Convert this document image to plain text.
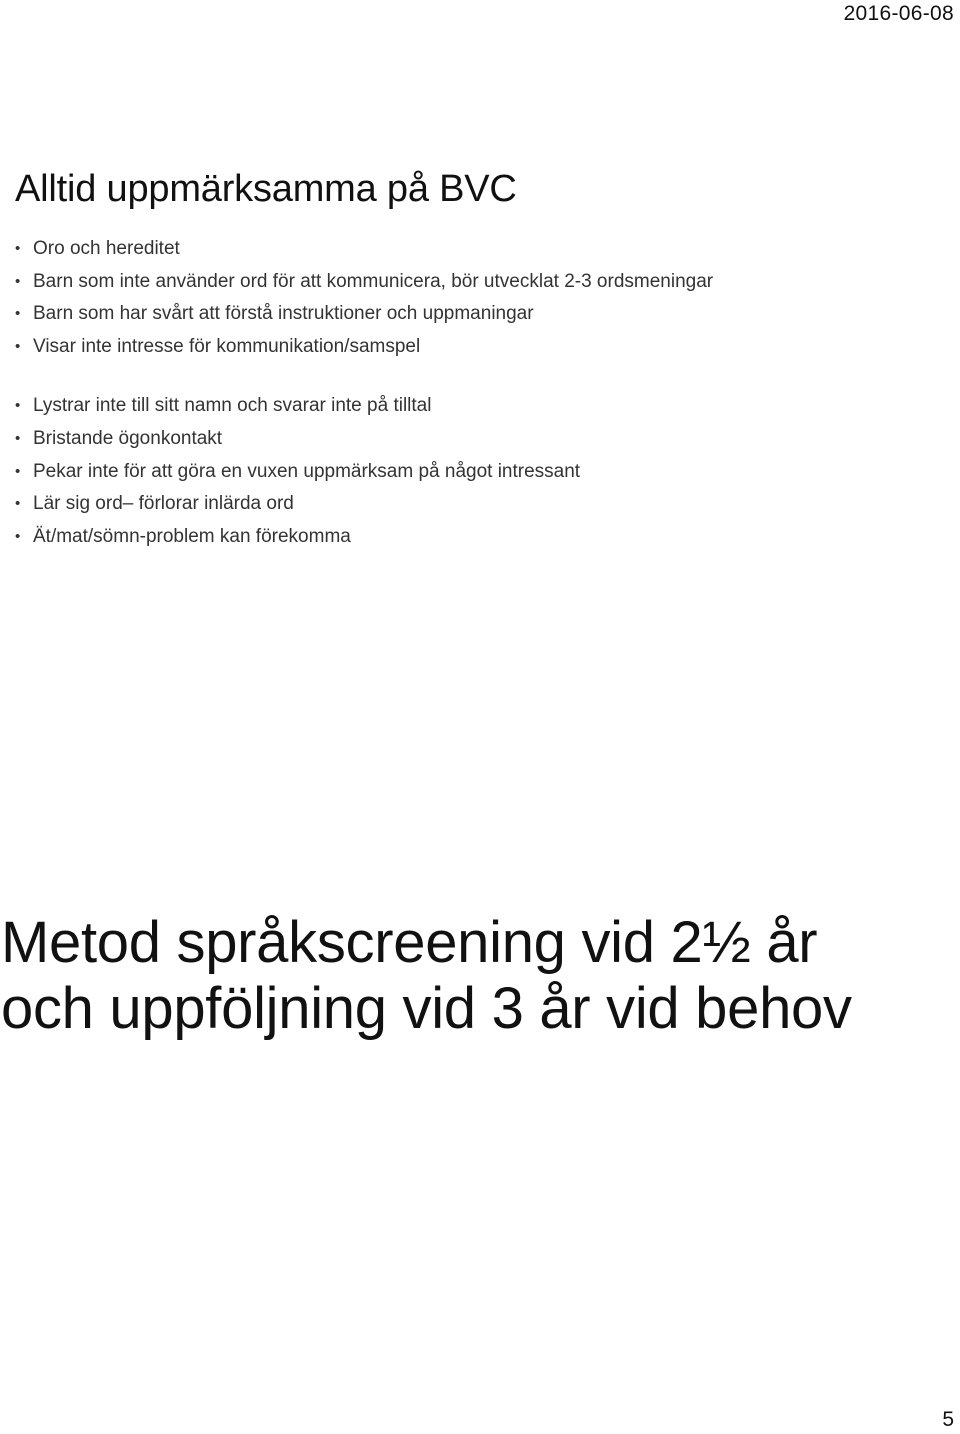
2016-06-08
Alltid uppmärksamma på BVC
• Oro och hereditet
• Barn som inte använder ord för att kommunicera, bör utvecklat 2-3 ordsmeningar
• Barn som har svårt att förstå instruktioner och uppmaningar
• Visar inte intresse för kommunikation/samspel
• Lystrar inte till sitt namn och svarar inte på tilltal
• Bristande ögonkontakt
• Pekar inte för att göra en vuxen uppmärksam på något intressant
• Lär sig ord– förlorar inlärda ord
• Ät/mat/sömn-problem kan förekomma
Metod språkscreening vid 2½ år
och uppföljning vid 3 år vid behov
5
